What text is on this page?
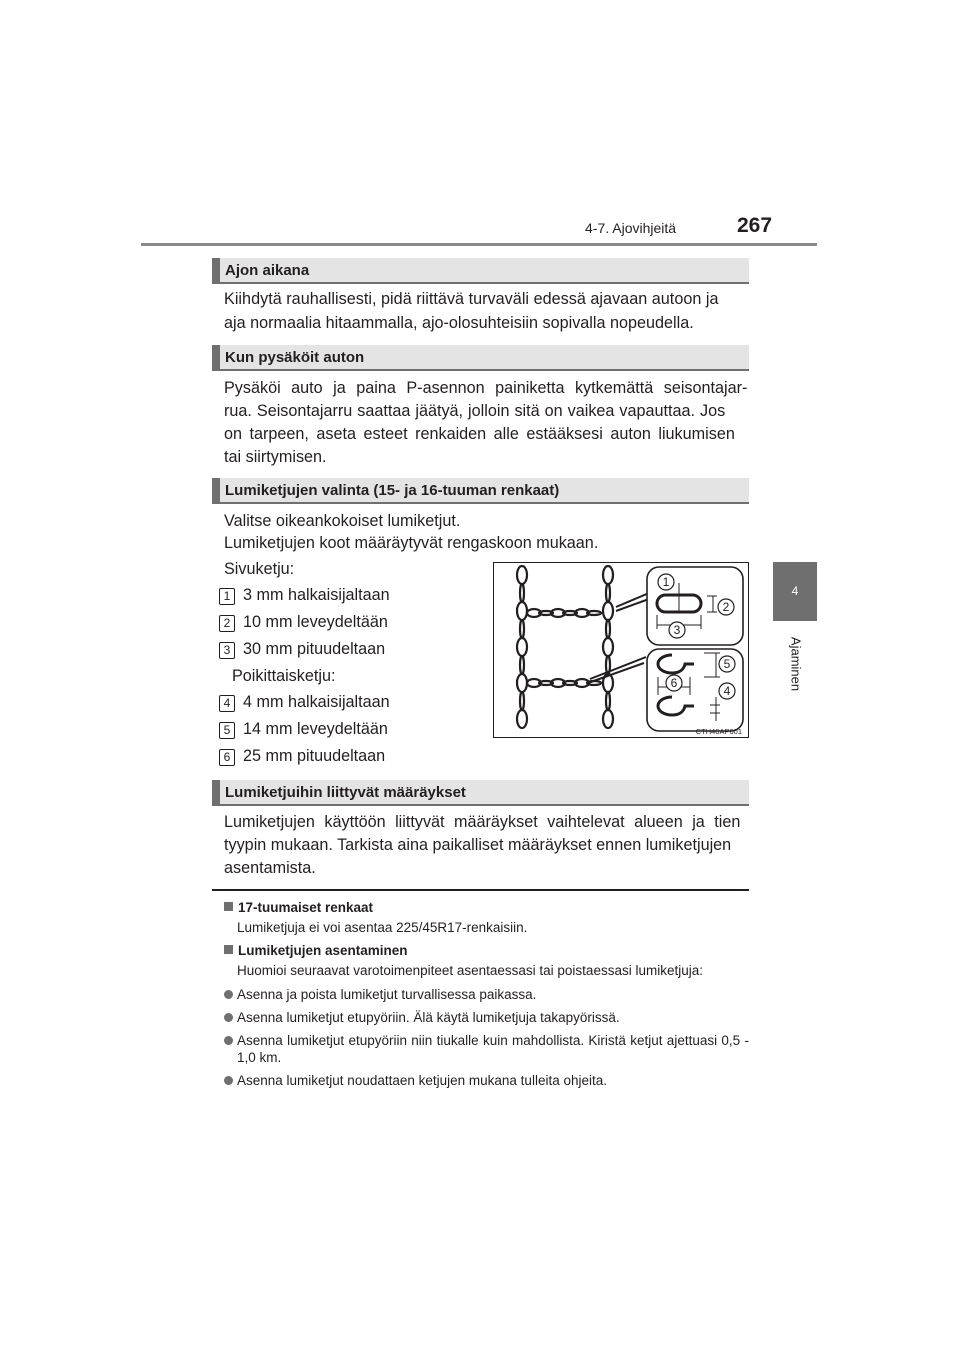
4-7. Ajovihjeitä	267
4
Ajaminen
Ajon aikana
Kiihdytä rauhallisesti, pidä riittävä turvaväli edessä ajavaan autoon ja
aja normaalia hitaammalla, ajo-olosuhteisiin sopivalla nopeudella.
Kun pysäköit auton
Pysäköi auto ja paina P-asennon painiketta kytkemättä seisontajar-
rua. Seisontajarru saattaa jäätyä, jolloin sitä on vaikea vapauttaa. Jos
on tarpeen, aseta esteet renkaiden alle estääksesi auton liukumisen
tai siirtymisen.
Lumiketjujen valinta (15- ja 16-tuuman renkaat)
Valitse oikeankokoiset lumiketjut.
Lumiketjujen koot määräytyvät rengaskoon mukaan.
Sivuketju:
1 3 mm halkaisijaltaan
2 10 mm leveydeltään
3 30 mm pituudeltaan
Poikittaisketju:
4 4 mm halkaisijaltaan
5 14 mm leveydeltään
6 25 mm pituudeltaan
1
2
3
5
6
4
CTH46AP001
Lumiketjuihin liittyvät määräykset
Lumiketjujen käyttöön liittyvät määräykset vaihtelevat alueen ja tien
tyypin mukaan. Tarkista aina paikalliset määräykset ennen lumiketjujen
asentamista.
17-tuumaiset renkaat
Lumiketjuja ei voi asentaa 225/45R17-renkaisiin.
Lumiketjujen asentaminen
Huomioi seuraavat varotoimenpiteet asentaessasi tai poistaessasi lumiketjuja:
Asenna ja poista lumiketjut turvallisessa paikassa.
Asenna lumiketjut etupyöriin. Älä käytä lumiketjuja takapyörissä.
Asenna lumiketjut etupyöriin niin tiukalle kuin mahdollista. Kiristä ketjut ajettuasi 0,5 - 1,0 km.
Asenna lumiketjut noudattaen ketjujen mukana tulleita ohjeita.
